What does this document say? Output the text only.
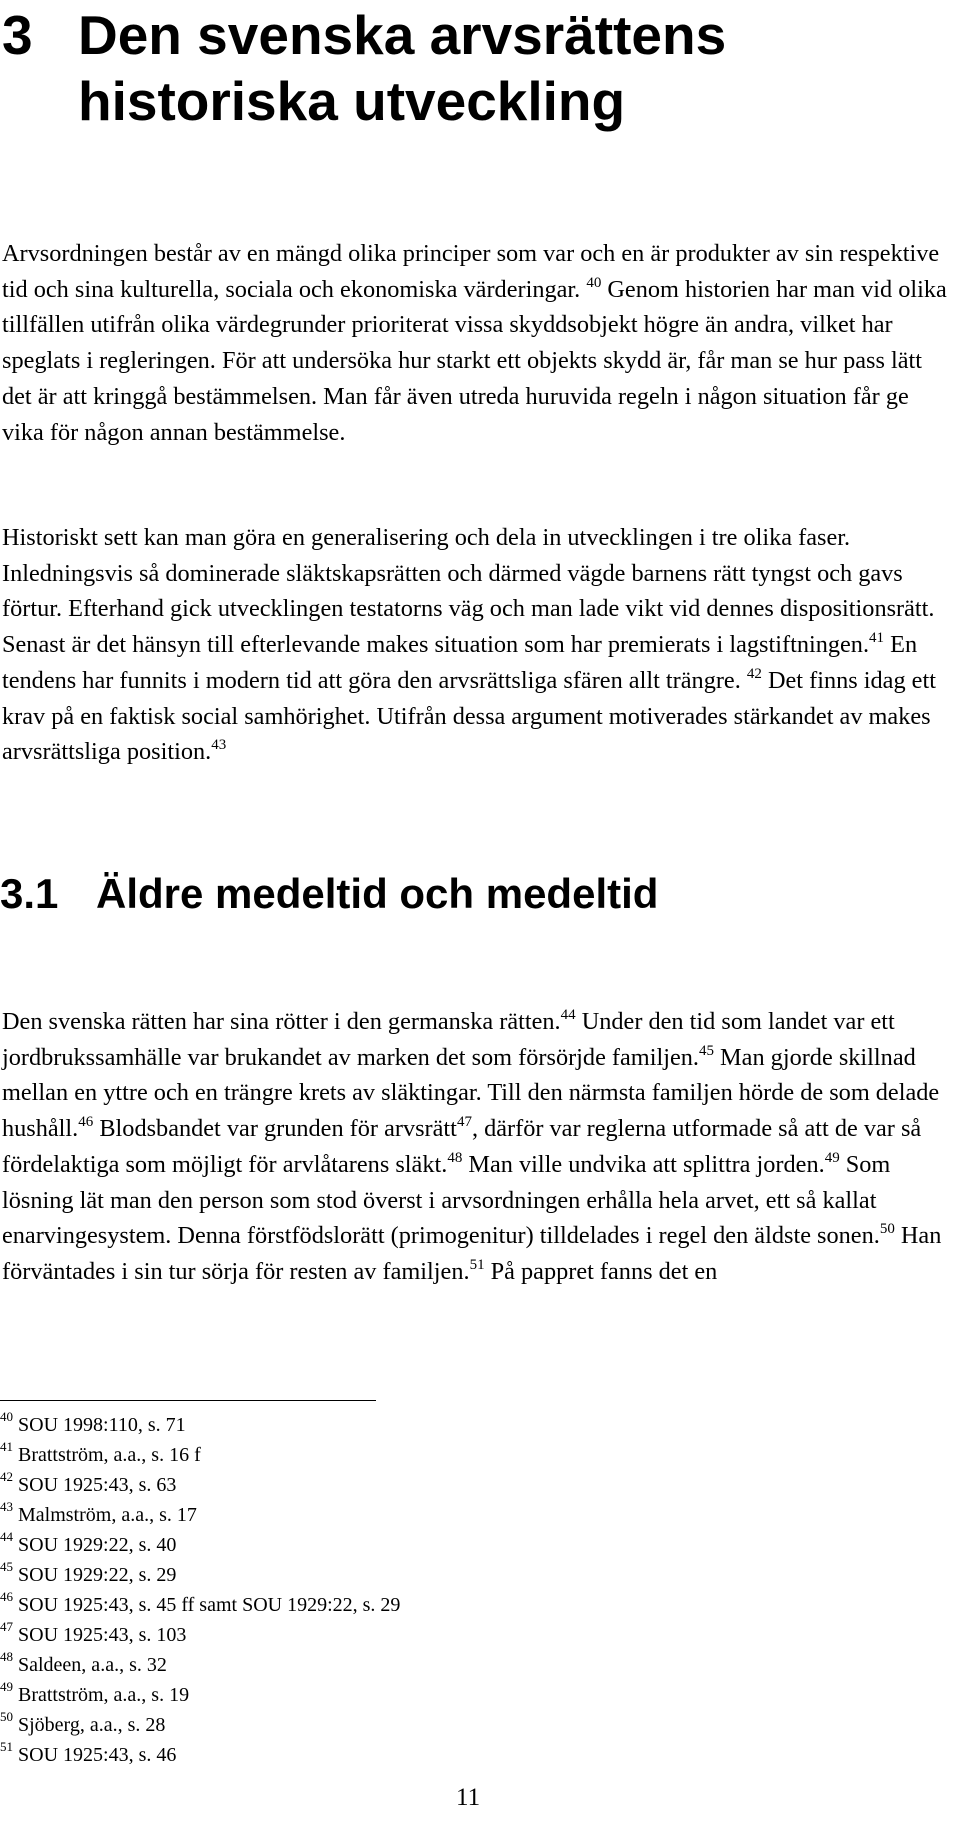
3 Den svenska arvsrättens
historiska utveckling

Arvsordningen består av en mängd olika principer som var och en är produkter av sin respektive tid och sina kulturella, sociala och ekonomiska värderingar. $^{40}$ Genom historien har man vid olika tillfällen utifrån olika värdegrunder prioriterat vissa skyddsobjekt högre än andra, vilket har speglats i regleringen. För att undersöka hur starkt ett objekts skydd är, får man se hur pass lätt det är att kringgå bestämmelsen. Man får även utreda huruvida regeln i någon situation får ge vika för någon annan bestämmelse.

Historiskt sett kan man göra en generalisering och dela in utvecklingen i tre olika faser. Inledningsvis så dominerade släktskapsrätten och därmed vägde barnens rätt tyngst och gavs förtur. Efterhand gick utvecklingen testatorns väg och man lade vikt vid dennes dispositionsrätt. Senast är det hänsyn till efterlevande makes situation som har premierats i lagstiftningen.$^{41}$ En tendens har funnits i modern tid att göra den arvsrättsliga sfären allt trängre. $^{42}$ Det finns idag ett krav på en faktisk social samhörighet. Utifrån dessa argument motiverades stärkandet av makes arvsrättsliga position.$^{43}$

3.1 Äldre medeltid och medeltid

Den svenska rätten har sina rötter i den germanska rätten.$^{44}$ Under den tid som landet var ett jordbrukssamhälle var brukandet av marken det som försörjde familjen.$^{45}$ Man gjorde skillnad mellan en yttre och en trängre krets av släktingar. Till den närmsta familjen hörde de som delade hushåll.$^{46}$ Blodsbandet var grunden för arvsrätt$^{47}$, därför var reglerna utformade så att de var så fördelaktiga som möjligt för arvlåtarens släkt.$^{48}$ Man ville undvika att splittra jorden.$^{49}$ Som lösning lät man den person som stod överst i arvsordningen erhålla hela arvet, ett så kallat enarvingesystem. Denna förstfödslorätt (primogenitur) tilldelades i regel den äldste sonen.$^{50}$ Han förväntades i sin tur sörja för resten av familjen.$^{51}$ På pappret fanns det en

$^{40}$ SOU 1998:110, s. 71
$^{41}$ Brattström, a.a., s. 16 f
$^{42}$ SOU 1925:43, s. 63
$^{43}$ Malmström, a.a., s. 17
$^{44}$ SOU 1929:22, s. 40
$^{45}$ SOU 1929:22, s. 29
$^{46}$ SOU 1925:43, s. 45 ff samt SOU 1929:22, s. 29
$^{47}$ SOU 1925:43, s. 103
$^{48}$ Saldeen, a.a., s. 32
$^{49}$ Brattström, a.a., s. 19
$^{50}$ Sjöberg, a.a., s. 28
$^{51}$ SOU 1925:43, s. 46
11
